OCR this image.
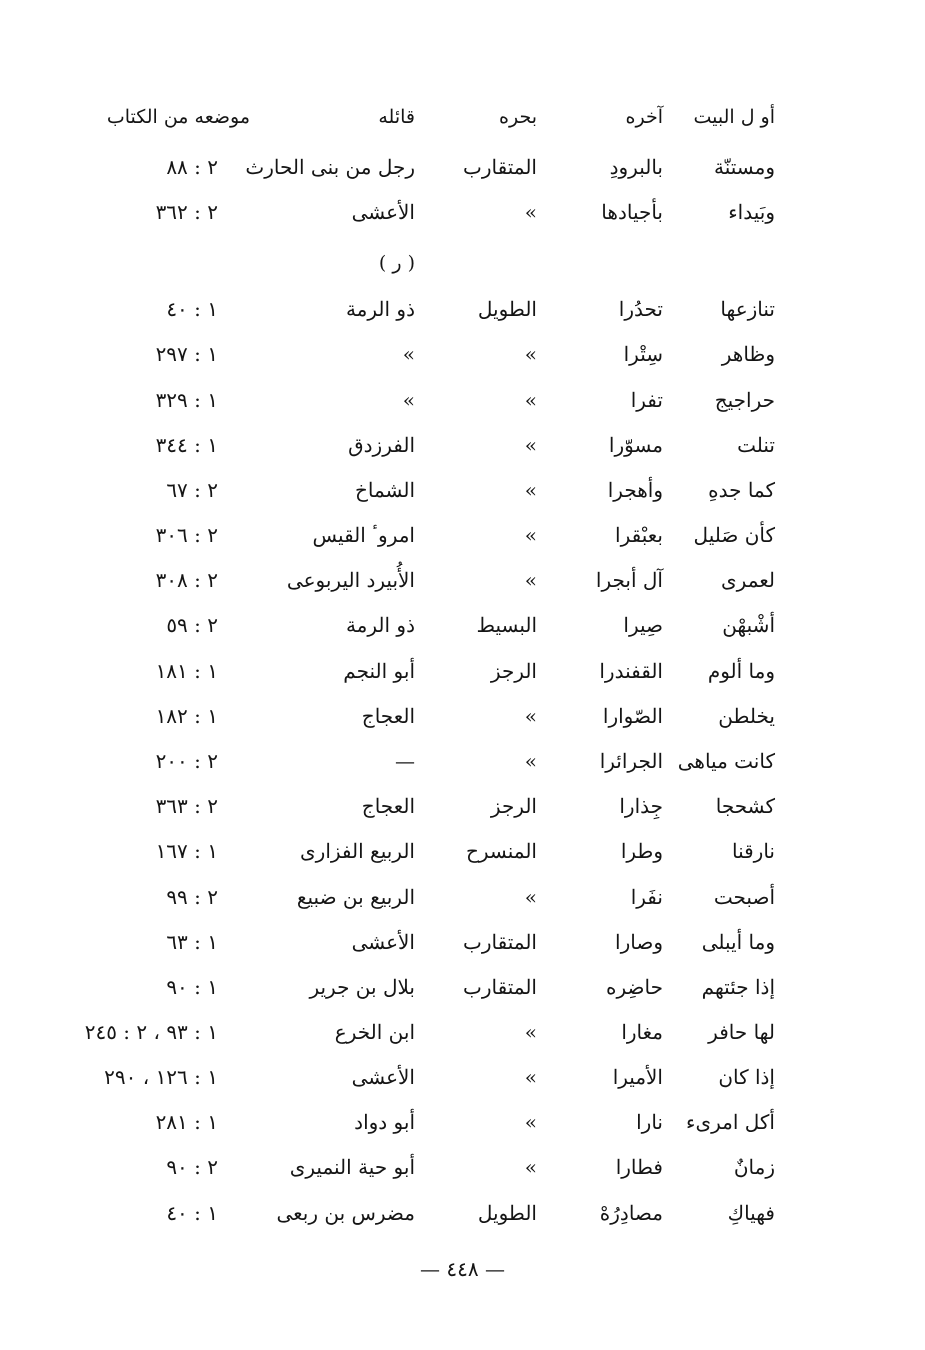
أو ل البيت
آخره
بحره
قائله
موضعه من الكتاب
ومستنّة
بالبرودِ
المتقارب
رجل من بنى الحارث
٢ : ٨٨
وبَيداء
بأجيادها
»
الأعشى
٢ : ٣٦٢
( ر )
تنازعها
تحدُرا
الطويل
ذو الرمة
١ : ٤٠
وظاهر
سِتْرا
»
»
١ : ٢٩٧
حراجيج
تفرا
»
»
١ : ٣٢٩
تنلت
مسوّرا
»
الفرزدق
١ : ٣٤٤
كما جدهِ
وأهجرا
»
الشماخ
٢ : ٦٧
كأن صَليل
بعبْقرا
»
امروٴ القيس
٢ : ٣٠٦
لعمرى
آل أبجرا
»
الأُبيرد اليربوعى
٢ : ٣٠٨
أشْبهْن
صِيرا
البسيط
ذو الرمة
٢ : ٥٩
وما ألوم
القفندرا
الرجز
أبو النجم
١ : ١٨١
يخلطن
الصّوارا
»
العجاج
١ : ١٨٢
كانت مياهى
الجرائرا
»
—
٢ : ٢٠٠
كشحجا
جِذارا
الرجز
العجاج
٢ : ٣٦٣
نارقنا
وطرا
المنسرح
الربيع الفزارى
١ : ١٦٧
أصبحت
نفَرا
»
الربيع بن ضبيع
٢ : ٩٩
وما أيبلى
وصارا
المتقارب
الأعشى
١ : ٦٣
إذا جئتهم
حاضِره
المتقارب
بلال بن جرير
١ : ٩٠
لها حافر
مغارا
»
ابن الخرع
١ : ٩٣ ، ٢ : ٢٤٥
إذا كان
الأميرا
»
الأعشى
١ : ١٢٦ ، ٢٩٠
أكل امرىء
نارا
»
أبو دواد
١ : ٢٨١
زمانٌ
فطارا
»
أبو حية النميرى
٢ : ٩٠
فهياكِ
مصادِرُهْ
الطويل
مضرس بن ربعى
١ : ٤٠
— ٤٤٨ —
